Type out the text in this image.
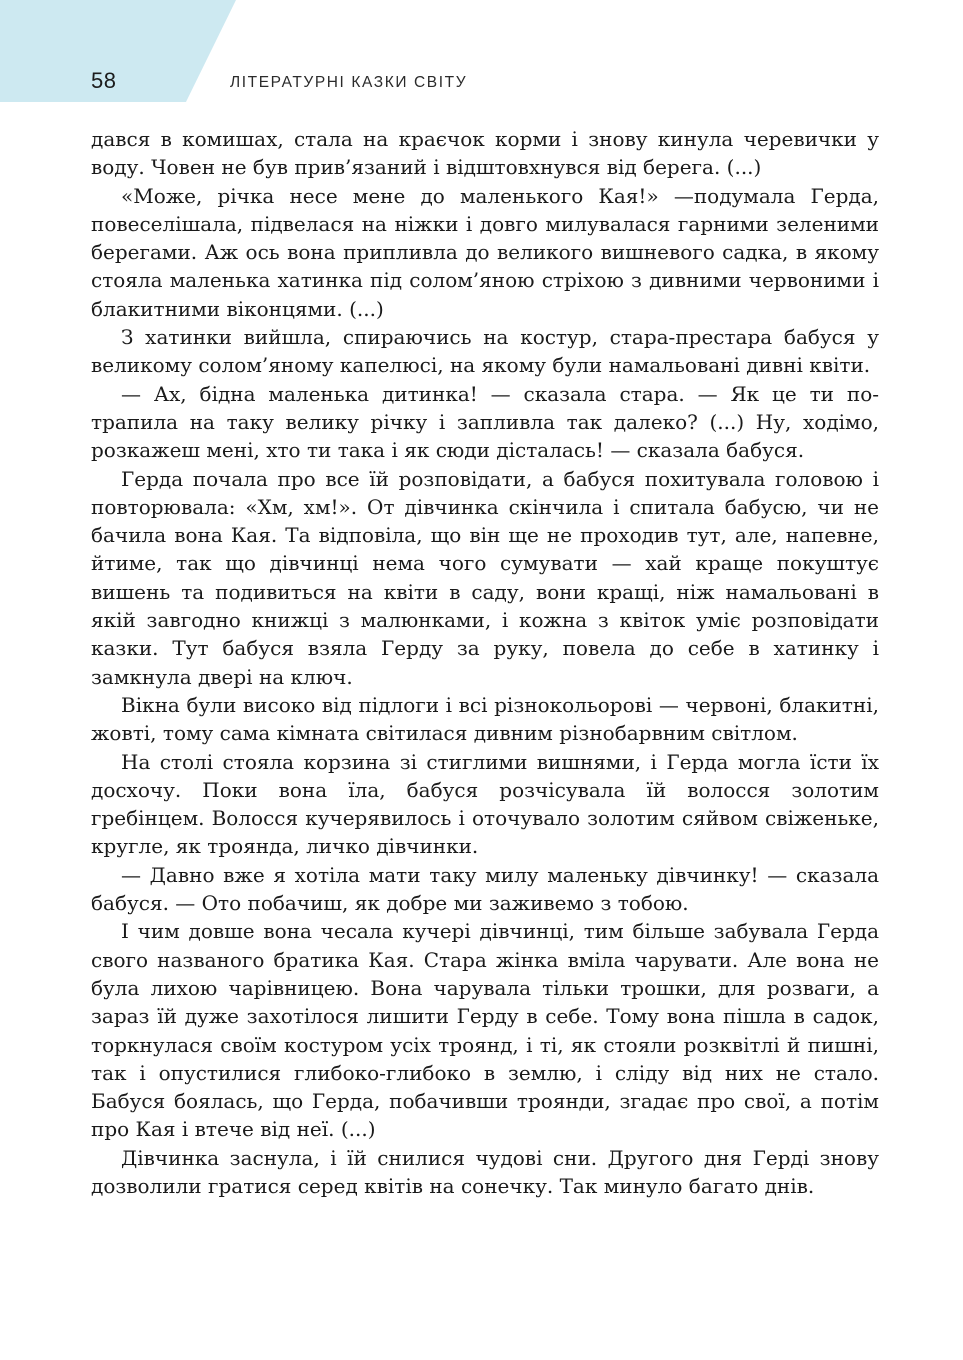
58	ЛІТЕРАТУРНІ КАЗКИ СВІТУ

дався в комишах, стала на краєчок корми і знову кинула черевички у воду. Човен не був прив’язаний і відштовхнувся від берега. (...)

«Може, річка несе мене до маленького Кая!» —подумала Герда, повеселішала, підвелася на ніжки і довго милувалася гарними зеленими берегами. Аж ось вона припливла до великого вишневого садка, в якому стояла маленька хатинка під солом’яною стріхою з дивними червоними і блакитними віконцями. (...)

З хатинки вийшла, спираючись на костур, стара-престара бабуся у великому солом’яному капелюсі, на якому були намальовані дивні квіти.

— Ах, бідна маленька дитинка! — сказала стара. — Як це ти потрапила на таку велику річку і запливла так далеко? (...) Ну, ходімо, розкажеш мені, хто ти така і як сюди дісталась! — сказала бабуся.

Герда почала про все їй розповідати, а бабуся похитувала головою і повторювала: «Хм, хм!». От дівчинка скінчила і спитала бабусю, чи не бачила вона Кая. Та відповіла, що він ще не проходив тут, але, напевне, йтиме, так що дівчинці нема чого сумувати — хай краще покуштує вишень та подивиться на квіти в саду, вони кращі, ніж намальовані в якій завгодно книжці з малюнками, і кожна з квіток уміє розповідати казки. Тут бабуся взяла Герду за руку, повела до себе в хатинку і замкнула двері на ключ.

Вікна були високо від підлоги і всі різнокольорові — червоні, блакитні, жовті, тому сама кімната світилася дивним різнобарвним світлом.

На столі стояла корзина зі стиглими вишнями, і Герда могла їсти їх досхочу. Поки вона їла, бабуся розчісувала їй волосся золотим гребінцем. Волосся кучерявилось і оточувало золотим сяйвом свіженьке, кругле, як троянда, личко дівчинки.

— Давно вже я хотіла мати таку милу маленьку дівчинку! — сказала бабуся. — Ото побачиш, як добре ми заживемо з тобою.

І чим довше вона чесала кучері дівчинці, тим більше забувала Герда свого названого братика Кая. Стара жінка вміла чарувати. Але вона не була лихою чарівницею. Вона чарувала тільки трошки, для розваги, а зараз їй дуже захотілося лишити Герду в себе. Тому вона пішла в садок, торкнулася своїм костуром усіх троянд, і ті, як стояли розквітлі й пишні, так і опустилися глибоко-глибоко в землю, і сліду від них не стало. Бабуся боялась, що Герда, побачивши троянди, згадає про свої, а потім про Кая і втече від неї. (...)

Дівчинка заснула, і їй снилися чудові сни. Другого дня Герді знову дозволили гратися серед квітів на сонечку. Так минуло багато днів.
